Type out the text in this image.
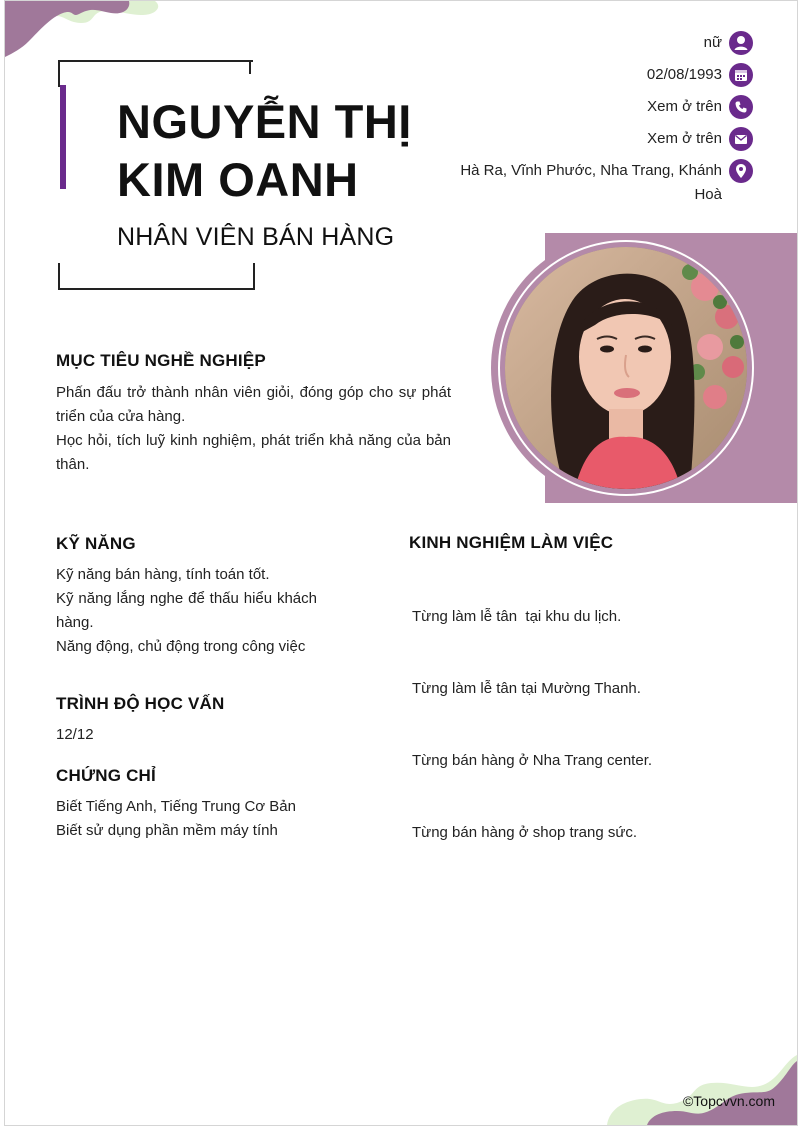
NGUYỄN THỊ
KIM OANH
NHÂN VIÊN BÁN HÀNG
nữ
02/08/1993
Xem ở trên
Xem ở trên
Hà Ra, Vĩnh Phước, Nha Trang, Khánh Hoà
MỤC TIÊU NGHỀ NGHIỆP

Phấn đấu trở thành nhân viên giỏi, đóng góp cho sự phát triển của cửa hàng.

Học hỏi, tích luỹ kinh nghiệm, phát triển khả năng của bản thân.

KỸ NĂNG

Kỹ năng bán hàng, tính toán tốt.

Kỹ năng lắng nghe để thấu hiểu khách hàng.

Năng động, chủ động trong công việc

TRÌNH ĐỘ HỌC VẤN

12/12

CHỨNG CHỈ

Biết Tiếng Anh, Tiếng Trung Cơ Bản

Biết sử dụng phần mềm máy tính

KINH NGHIỆM LÀM VIỆC

Từng làm lễ tân  tại khu du lịch.

Từng làm lễ tân tại Mường Thanh.

Từng bán hàng ở Nha Trang center.

Từng bán hàng ở shop trang sức.

©Topcvvn.com
